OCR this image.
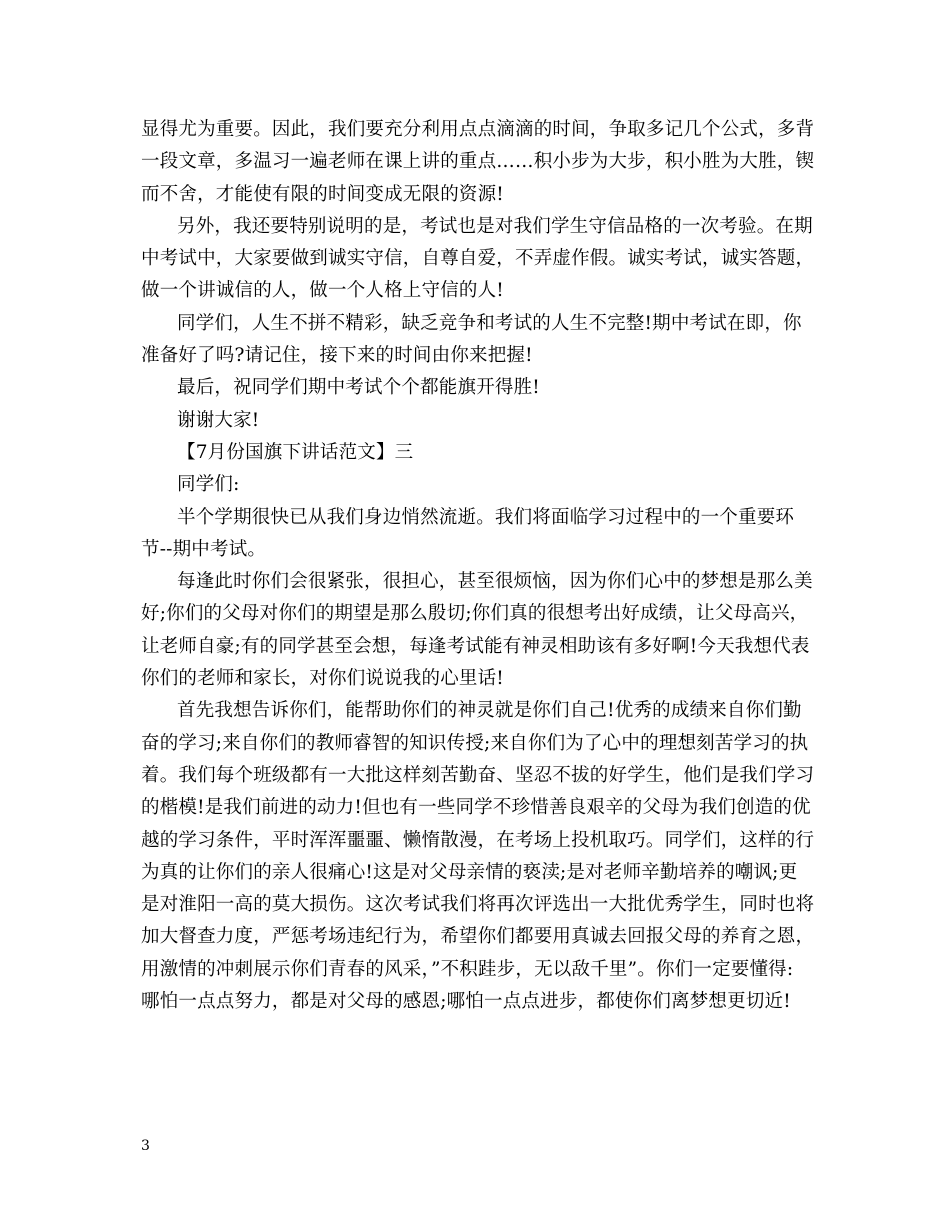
显得尤为重要。因此，我们要充分利用点点滴滴的时间，争取多记几个公式，多背
一段文章，多温习一遍老师在课上讲的重点……积小步为大步，积小胜为大胜，锲
而不舍，才能使有限的时间变成无限的资源!
另外，我还要特别说明的是，考试也是对我们学生守信品格的一次考验。在期
中考试中，大家要做到诚实守信，自尊自爱，不弄虚作假。诚实考试，诚实答题，
做一个讲诚信的人，做一个人格上守信的人!
同学们，人生不拼不精彩，缺乏竞争和考试的人生不完整!期中考试在即，你
准备好了吗?请记住，接下来的时间由你来把握!
最后，祝同学们期中考试个个都能旗开得胜!
谢谢大家!
【7月份国旗下讲话范文】三
同学们:
半个学期很快已从我们身边悄然流逝。我们将面临学习过程中的一个重要环
节--期中考试。
每逢此时你们会很紧张，很担心，甚至很烦恼，因为你们心中的梦想是那么美
好;你们的父母对你们的期望是那么殷切;你们真的很想考出好成绩，让父母高兴，
让老师自豪;有的同学甚至会想，每逢考试能有神灵相助该有多好啊!今天我想代表
你们的老师和家长，对你们说说我的心里话!
首先我想告诉你们，能帮助你们的神灵就是你们自己!优秀的成绩来自你们勤
奋的学习;来自你们的教师睿智的知识传授;来自你们为了心中的理想刻苦学习的执
着。我们每个班级都有一大批这样刻苦勤奋、坚忍不拔的好学生，他们是我们学习
的楷模!是我们前进的动力!但也有一些同学不珍惜善良艰辛的父母为我们创造的优
越的学习条件，平时浑浑噩噩、懒惰散漫，在考场上投机取巧。同学们，这样的行
为真的让你们的亲人很痛心!这是对父母亲情的亵渎;是对老师辛勤培养的嘲讽;更
是对淮阳一高的莫大损伤。这次考试我们将再次评选出一大批优秀学生，同时也将
加大督查力度，严惩考场违纪行为，希望你们都要用真诚去回报父母的养育之恩，
用激情的冲刺展示你们青春的风采，”不积跬步，无以敌千里”。你们一定要懂得:
哪怕一点点努力，都是对父母的感恩;哪怕一点点进步，都使你们离梦想更切近!
3
